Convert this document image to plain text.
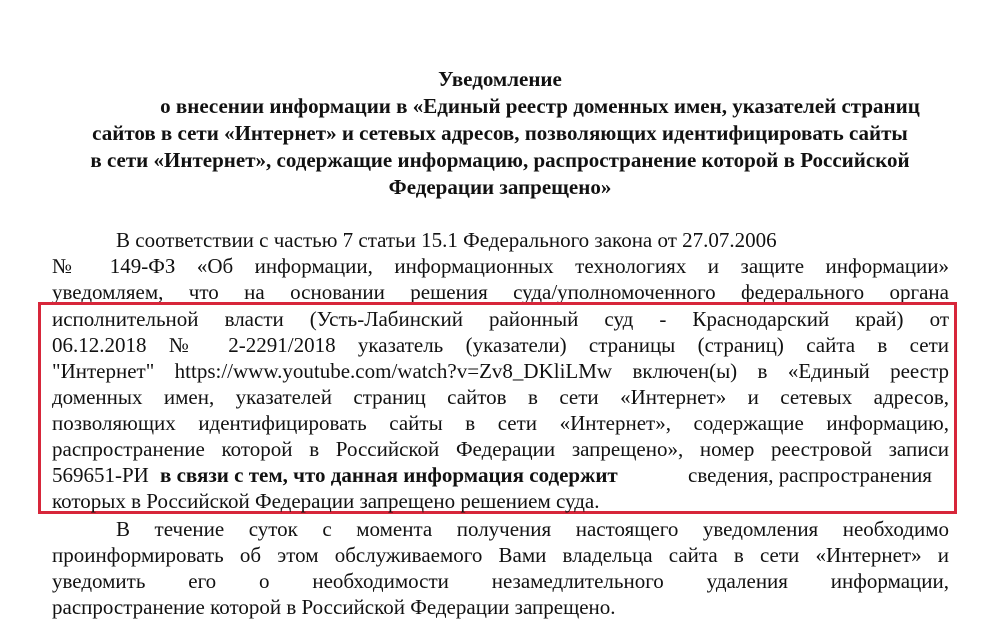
Уведомление
о внесении информации в «Единый реестр доменных имен, указателей страниц
сайтов в сети «Интернет» и сетевых адресов, позволяющих идентифицировать сайты
в сети «Интернет», содержащие информацию, распространение которой в Российской
Федерации запрещено»
В соответствии с частью 7 статьи 15.1 Федерального закона от 27.07.2006
№ 149-ФЗ «Об информации, информационных технологиях и защите информации»
уведомляем, что на основании решения суда/уполномоченного федерального органа
исполнительной власти (Усть-Лабинский районный суд - Краснодарский край) от
06.12.2018 № 2-2291/2018 указатель (указатели) страницы (страниц) сайта в сети
"Интернет" https://www.youtube.com/watch?v=Zv8_DKliLMw включен(ы) в «Единый реестр
доменных имен, указателей страниц сайтов в сети «Интернет» и сетевых адресов,
позволяющих идентифицировать сайты в сети «Интернет», содержащие информацию,
распространение которой в Российской Федерации запрещено», номер реестровой записи
569651-РИ в связи с тем, что данная информация содержит	сведения, распространения
которых в Российской Федерации запрещено решением суда.
В течение суток с момента получения настоящего уведомления необходимо
проинформировать об этом обслуживаемого Вами владельца сайта в сети «Интернет» и
уведомить его о необходимости незамедлительного удаления информации,
распространение которой в Российской Федерации запрещено.
